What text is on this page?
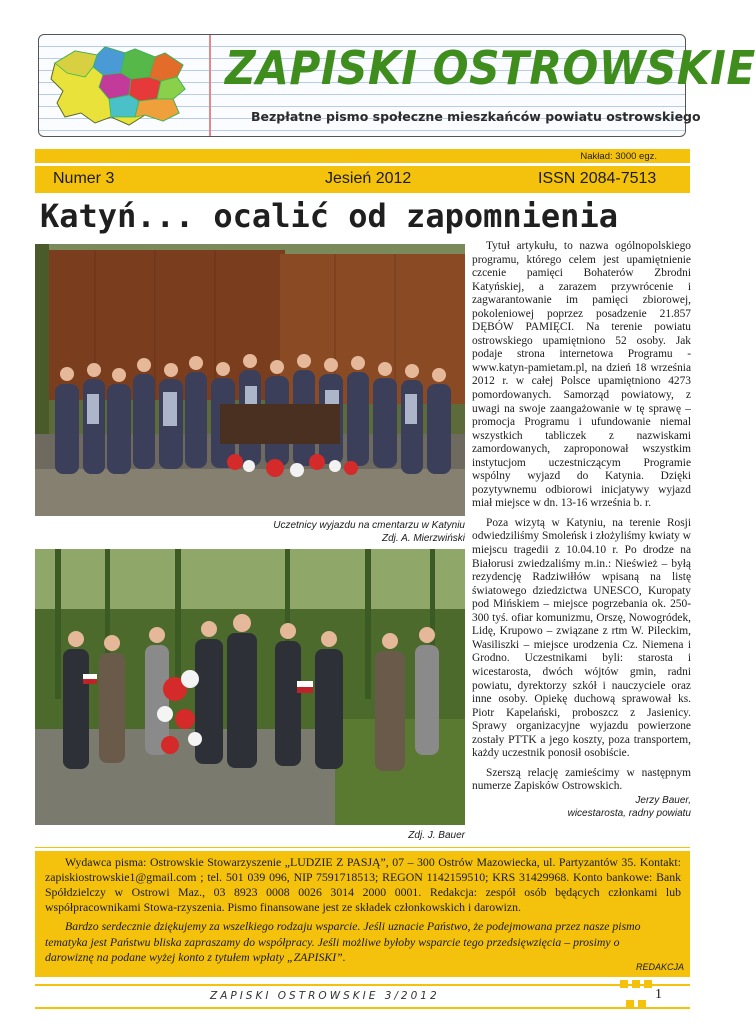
ZAPISKI OSTROWSKIE
Bezpłatne pismo społeczne mieszkańców powiatu ostrowskiego
Nakład: 3000 egz.
Numer 3	Jesień 2012	ISSN 2084-7513
Katyń... ocalić od zapomnienia
Uczetnicy wyjazdu na cmentarzu w Katyniu
Zdj. A. Mierzwiński
Zdj. J. Bauer

Tytuł artykułu, to nazwa ogólnopolskiego programu, którego celem jest upamiętnienie czcenie pamięci Bohaterów Zbrodni Katyńskiej, a zarazem przywrócenie i zagwarantowanie im pamięci zbiorowej, pokoleniowej poprzez posadzenie 21.857 DĘBÓW PAMIĘCI. Na terenie powiatu ostrowskiego upamiętniono 52 osoby. Jak podaje strona internetowa Programu - www.katyn-pamietam.pl, na dzień 18 września 2012 r. w całej Polsce upamiętniono 4273 pomordowanych. Samorząd powiatowy, z uwagi na swoje zaangażowanie w tę sprawę – promocja Programu i ufundowanie niemal wszystkich tabliczek z nazwiskami zamordowanych, zaproponował wszystkim instytucjom uczestniczącym Programie wspólny wyjazd do Katynia. Dzięki pozytywnemu odbiorowi inicjatywy wyjazd miał miejsce w dn. 13-16 września b. r.

Poza wizytą w Katyniu, na terenie Rosji odwiedziliśmy Smoleńsk i złożyliśmy kwiaty w miejscu tragedii z 10.04.10 r. Po drodze na Białorusi zwiedzaliśmy m.in.: Nieśwież – byłą rezydencję Radziwiłłów wpisaną na listę światowego dziedzictwa UNESCO, Kuropaty pod Mińskiem – miejsce pogrzebania ok. 250-300 tyś. ofiar komunizmu, Orszę, Nowogródek, Lidę, Krupowo – związane z rtm W. Pileckim, Wasiliszki – miejsce urodzenia Cz. Niemena i Grodno. Uczestnikami byli: starosta i wicestarosta, dwóch wójtów gmin, radni powiatu, dyrektorzy szkół i nauczyciele oraz inne osoby. Opiekę duchową sprawował ks. Piotr Kapelański, proboszcz z Jasienicy. Sprawy organizacyjne wyjazdu powierzone zostały PTTK a jego koszty, poza transportem, każdy uczestnik ponosił osobiście.

Szerszą relację zamieścimy w następnym numerze Zapisków Ostrowskich.

Jerzy Bauer,
wicestarosta, radny powiatu
Wydawca pisma: Ostrowskie Stowarzyszenie „LUDZIE Z PASJĄ”, 07 – 300 Ostrów Mazowiecka, ul. Partyzantów 35. Kontakt: zapiskiostrowskie1@gmail.com ; tel. 501 039 096, NIP 7591718513; REGON 1142159510; KRS 31429968. Konto bankowe: Bank Spółdzielczy w Ostrowi Maz., 03 8923 0008 0026 3014 2000 0001. Redakcja: zespół osób będących członkami lub współpracownikami Stowa-rzyszenia. Pismo finansowane jest ze składek członkowskich i darowizn.
Bardzo serdecznie dziękujemy za wszelkiego rodzaju wsparcie. Jeśli uznacie Państwo, że podejmowana przez nasze pismo tematyka jest Państwu bliska zapraszamy do współpracy. Jeśli możliwe byłoby wsparcie tego przedsięwzięcia – prosimy o darowiznę na podane wyżej konto z tytułem wpłaty „ZAPISKI”.
REDAKCJA
ZAPISKI OSTROWSKIE 3/2012	1
